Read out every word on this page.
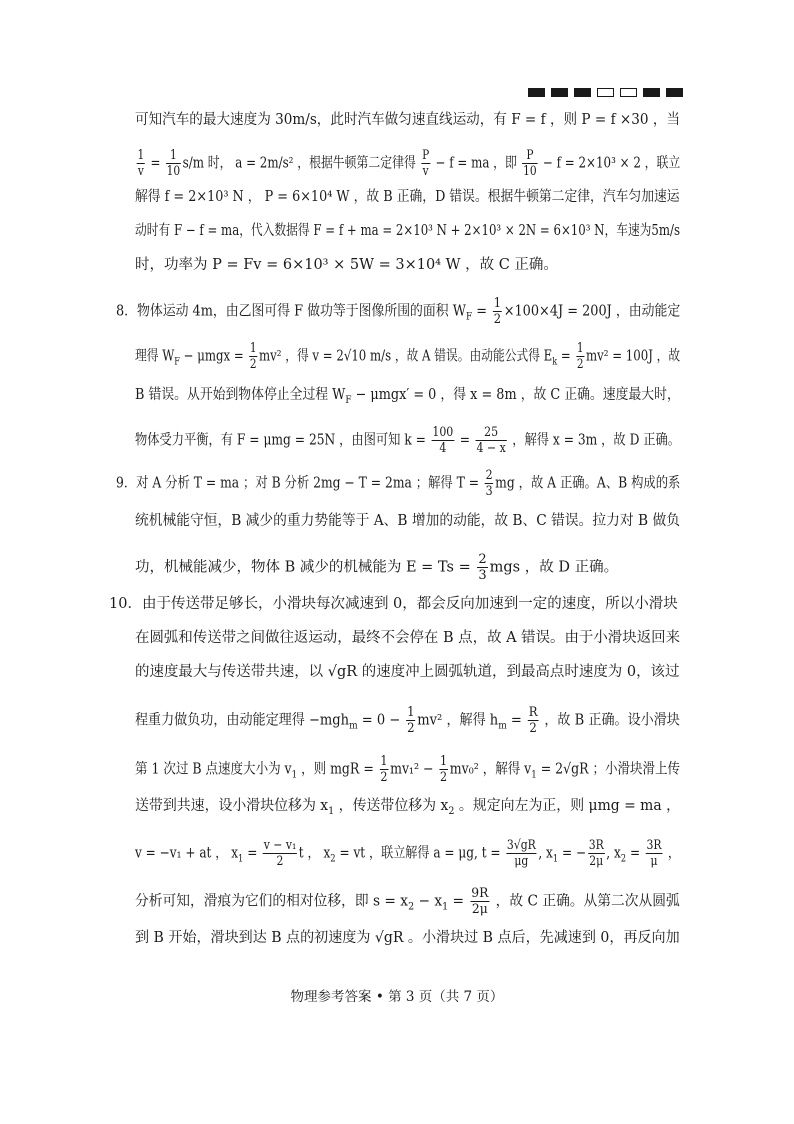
可知汽车的最大速度为 30m/s，此时汽车做匀速直线运动，有 F = f ，则 P = f ×30 ，当
$\frac{1}{v} = \frac{1}{10} s/m$ 时， a = 2m/s² ，根据牛顿第二定律得 $\frac{P}{v} - f$ = ma ，即 $\frac{P}{10} - f = 2\times 10^3 \times 2$ ，联立
解得 f = 2×10³ N ， P = 6×10⁴ W ，故 B 正确，D 错误。根据牛顿第二定律，汽车匀加速运
动时有 F − f = ma，代入数据得 F = f + ma = 2×10³ N + 2×10³ × 2N = 6×10³ N，车速为5m/s
时，功率为 P = Fv = 6×10³ × 5W = 3×10⁴ W ，故 C 正确。
8．物体运动 4m，由乙图可得 F 做功等于图像所围的面积 $W_F = \frac{1}{2} \times 100\times 4J = 200J$ ，由动能定
理得 $W_F - \mu mgx = \frac{1}{2} mv^2$ ，得 v = 2√10 m/s ，故 A 错误。由动能公式得 $E_k = \frac{1}{2} mv^2 = 100J$ ，故
B 错误。从开始到物体停止全过程 $W_F - \mu mgx' = 0$ ，得 x = 8m ，故 C 正确。速度最大时，
物体受力平衡，有 F = μmg = 25N ，由图可知 $k = \frac{100}{4} = \frac{25}{4 - x}$ ，解得 x = 3m ，故 D 正确。
9．对 A 分析 T = ma ；对 B 分析 2mg − T = 2ma ；解得 $T = \frac{2}{3}$ mg ，故 A 正确。A、B 构成的系
统机械能守恒，B 减少的重力势能等于 A、B 增加的动能，故 B、C 错误。拉力对 B 做负
功，机械能减少，物体 B 减少的机械能为 $E = Ts = \frac{2}{3}$ mgs ，故 D 正确。
10．由于传送带足够长，小滑块每次减速到 0，都会反向加速到一定的速度，所以小滑块
在圆弧和传送带之间做往返运动，最终不会停在 B 点，故 A 错误。由于小滑块返回来
的速度最大与传送带共速，以 √gR 的速度冲上圆弧轨道，到最高点时速度为 0，该过
程重力做负功，由动能定理得 $-mgh_m = 0 - \frac{1}{2} mv^2$ ，解得 $h_m = \frac{R}{2}$ ，故 B 正确。设小滑块
第 1 次过 B 点速度大小为 $v_1$ ，则 mgR = $\frac{1}{2} mv_1^2 - \frac{1}{2} mv_0^2$ ，解得 $v_1 = 2√gR$ ；小滑块滑上传
送带到共速，设小滑块位移为 $x_1$ ，传送带位移为 $x_2$ 。规定向左为正，则 μmg = ma ，
v = −v₁ + at ， $x_1 = \frac{\text{v − v₁}}{2}$ t ， $x_2$ = vt ，联立解得 a = μg, $t = \frac{3√gR}{\mu g}$ , $x_1$ = − $\frac{3R}{2\mu}$ , $x_2 = \frac{3R}{\mu}$ ，
分析可知，滑痕为它们的相对位移，即 $s = x_2 - x_1 = \frac{9R}{2\mu}$ ，故 C 正确。从第二次从圆弧
到 B 开始，滑块到达 B 点的初速度为 √gR 。小滑块过 B 点后，先减速到 0，再反向加
物理参考答案 • 第 3 页（共 7 页）
